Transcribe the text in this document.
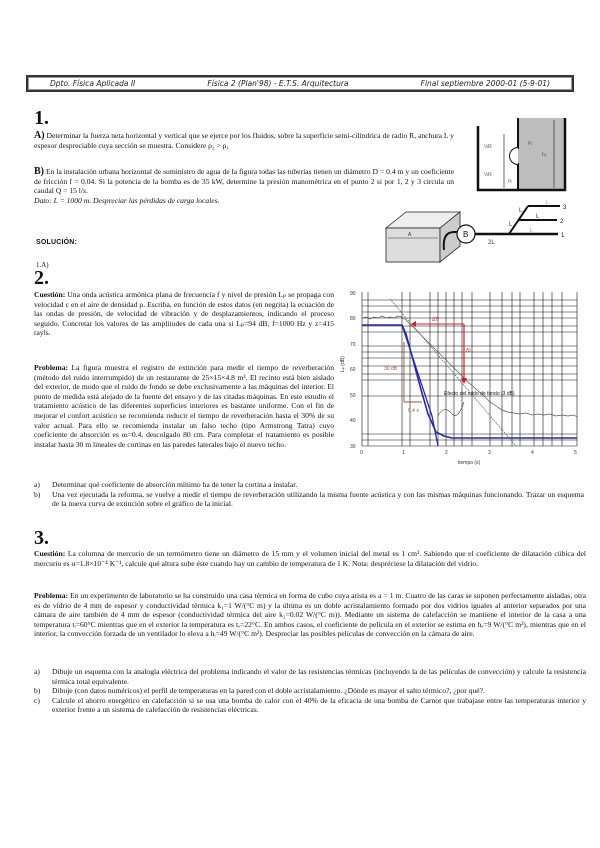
Dpto. Física Aplicada II	Física 2 (Plan'98) - E.T.S. Arquitectura	Final septiembre 2000-01 (5-9-01)
1.
A) Determinar la fuerza neta horizontal y vertical que se ejerce por los fluidos, sobre la superficie semi-cilíndrica de radio R, anchura L y espesor despreciable cuya sección se muestra. Considere ρ₂ > ρ₁
B) En la instalación urbana horizontal de suministro de agua de la figura todas las tuberías tienen un diámetro D = 0.4 m y un coeficiente de fricción f = 0.04. Si la potencia de la bomba es de 35 kW, determine la presión manométrica en el punto 2 si por 1, 2 y 3 circula un caudal Q = 15 l/s.
Dato: L = 1000 m. Despreciar las pérdidas de carga locales.
½R
½R
ρ₁
ρ₂
h₂
A	B
2L
L
L
L
L
L
1
2
3
SOLUCIÓN:
1.A)
2.
Cuestión: Una onda acústica armónica plana de frecuencia f y nivel de presión Lₚ se propaga con velocidad c en el aire de densidad ρ. Escriba, en función de estos datos (en negrita) la ecuación de las ondas de presión, de velocidad de vibración y de desplazamientos, indicando el proceso seguido. Concretar los valores de las amplitudes de cada una si Lₚ=94 dB, f=1000 Hz y z=415 rayls.
Problema: La figura muestra el registro de extinción para medir el tiempo de reverberación (método del ruido interrumpido) de un restaurante de 25×15×4.8 m³. El recinto está bien aislado del exterior, de modo que el ruido de fondo se debe exclusivamente a las máquinas del interior. El punto de medida está alejado de la fuente del ensayo y de las citadas máquinas. En este estudio el tratamiento acústico de las diferentes superficies interiores es bastante uniforme. Con el fin de mejorar el confort acústico se recomienda reducir el tiempo de reverberación hasta el 30% de su valor actual. Para ello se recomienda instalar un falso techo (tipo Armstrong Tatra) cuyo coeficiente de absorción es αₜ=0.4, descolgado 80 cm. Para completar el tratamiento es posible instalar hasta 30 m lineales de cortinas en las paredes laterales bajo el nuevo techo.
a)	Determinar qué coeficiente de absorción mínimo ha de tener la cortina a instalar.
b)	Una vez ejecutada la reforma, se vuelve a medir el tiempo de reverberación utilizando la misma fuente acústica y con las mismas máquinas funcionando. Trazar un esquema de la nueva curva de extinción sobre el gráfico de la inicial.
30
40
50
60
70
80
90
0	1	2	3	4	5
tiempo (s)
Lₚ (dB)
ΔT
ΔL
30 dB
0.4 s
Efecto del ruido de fondo (3 dB)
3.
Cuestión: La columna de mercurio de un termómetro tiene un diámetro de 15 mm y el volumen inicial del metal es 1 cm³. Sabiendo que el coeficiente de dilatación cúbica del mercurio es α=1.8×10⁻⁴ K⁻¹, calcule qué altura sube éste cuando hay un cambio de temperatura de 1 K. Nota: despréciese la dilatación del vidrio.
Problema: En un experimento de laboratorio se ha construido una casa térmica en forma de cubo cuya arista es a = 1 m. Cuatro de las caras se suponen perfectamente aisladas, otra es de vidrio de 4 mm de espesor y conductividad térmica k₁=1 W/(°C m) y la última es un doble acristalamiento formado por dos vidrios iguales al anterior separados por una cámara de aire también de 4 mm de espesor (conductividad térmica del aire k₂=0.02 W/(°C m)). Mediante un sistema de calefacción se mantiene el interior de la casa a una temperatura tᵢ=60°C mientras que en el exterior la temperatura es tₑ=22°C. En ambos casos, el coeficiente de película en el exterior se estima en hₑ=9 W/(°C m²), mientras que en el interior, la convección forzada de un ventilador lo eleva a hᵢ=49 W/(°C m²). Despreciar las posibles películas de convección en la cámara de aire.
a)	Dibuje un esquema con la analogía eléctrica del problema indicando el valor de las resistencias térmicas (incluyendo la de las películas de convección) y calcule la resistencia térmica total equivalente.
b)	Dibuje (con datos numéricos) el perfil de temperaturas en la pared con el doble acristalamiento. ¿Dónde es mayor el salto térmico?, ¿por qué?.
c)	Calcule el ahorro energético en calefacción si se usa una bomba de calor con el 40% de la eficacia de una bomba de Carnot que trabajase entre las temperaturas interior y exterior frente a un sistema de calefacción de resistencias eléctricas.
